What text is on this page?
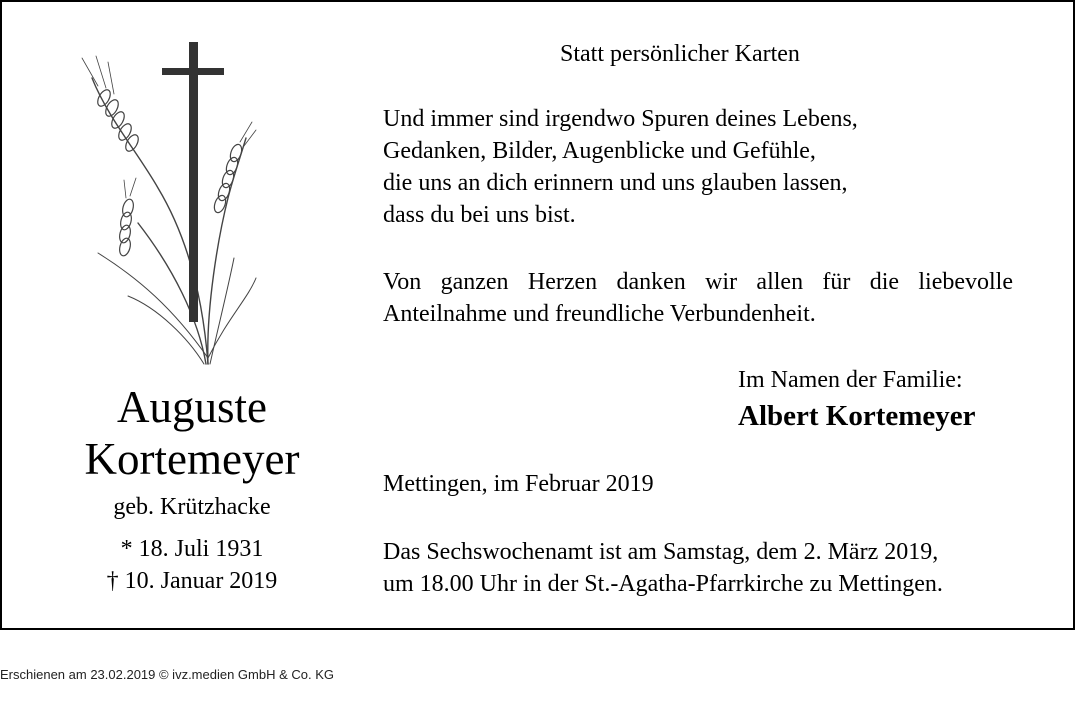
Auguste
Kortemeyer
geb. Krützhacke
* 18. Juli 1931
† 10. Januar 2019
Statt persönlicher Karten
Und immer sind irgendwo Spuren deines Lebens,
Gedanken, Bilder, Augenblicke und Gefühle,
die uns an dich erinnern und uns glauben lassen,
dass du bei uns bist.
Von ganzen Herzen danken wir allen für die liebevolle
Anteilnahme und freundliche Verbundenheit.
Im Namen der Familie:
Albert Kortemeyer
Mettingen, im Februar 2019
Das Sechswochenamt ist am Samstag, dem 2. März 2019,
um 18.00 Uhr in der St.-Agatha-Pfarrkirche zu Mettingen.
Erschienen am 23.02.2019 © ivz.medien GmbH & Co. KG
